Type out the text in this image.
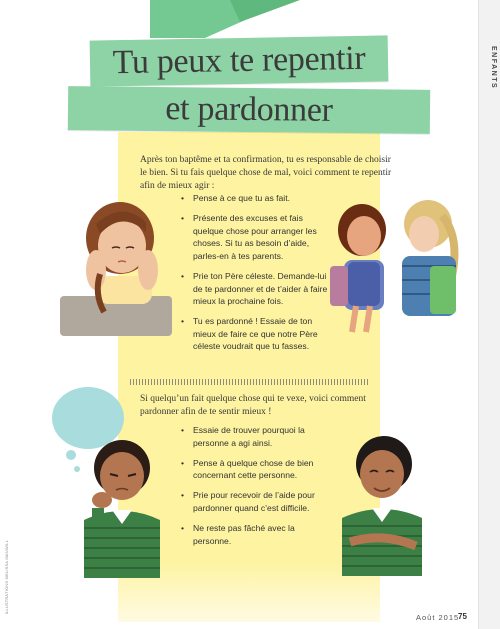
ENFANTS
Tu peux te repentir
et pardonner

Après ton baptême et ta confirmation, tu es responsable de choisir le bien. Si tu fais quelque chose de mal, voici comment te repentir afin de mieux agir :

• Pense à ce que tu as fait.
• Présente des excuses et fais quelque chose pour arranger les choses. Si tu as besoin d’aide, parles-en à tes parents.
• Prie ton Père céleste. Demande-lui de te pardonner et de t’aider à faire mieux la prochaine fois.
• Tu es pardonné ! Essaie de ton mieux de faire ce que notre Père céleste voudrait que tu fasses.

Si quelqu’un fait quelque chose qui te vexe, voici comment pardonner afin de te sentir mieux !

• Essaie de trouver pourquoi la personne a agi ainsi.
• Pense à quelque chose de bien concernant cette personne.
• Prie pour recevoir de l’aide pour pardonner quand c’est difficile.
• Ne reste pas fâché avec la personne.
ILLUSTRATIONS MELISSA MANWILL
Août 2015
75
